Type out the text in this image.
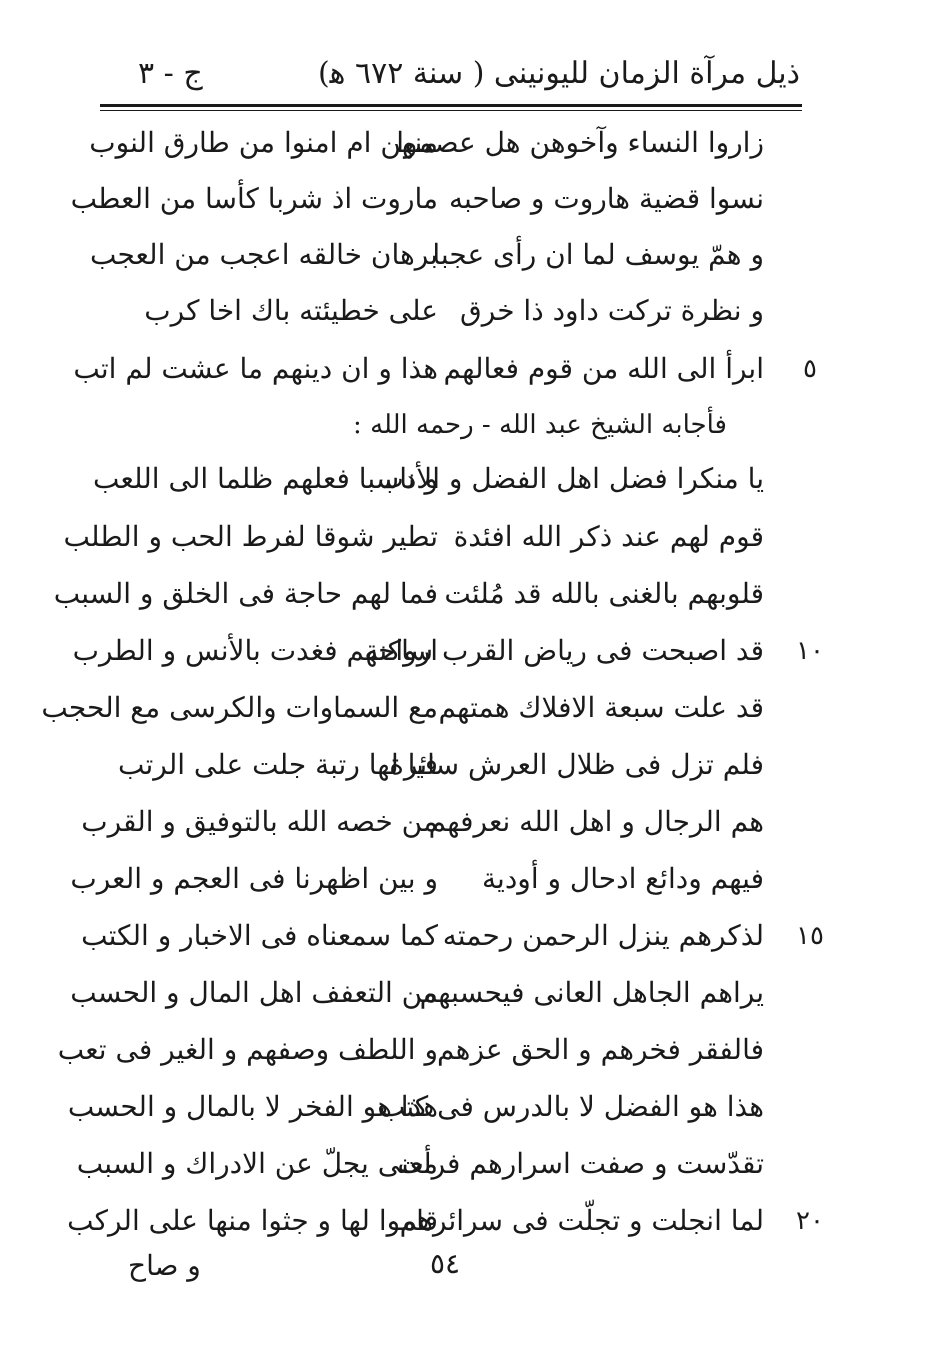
ذيل مرآة الزمان لليونينى ( سنة ٦٧٢ ﻫ)
ج - ٣
زاروا النساء وآخوهن هل عصموا
منهن ام امنوا من طارق النوب
نسوا قضية هاروت و صاحبه
ماروت اذ شربا كأسا من العطب
و همّ يوسف لما ان رأى عجبا
برهان خالقه اعجب من العجب
و نظرة تركت داود ذا خرق
على خطيئته باك اخا كرب
ابرأ الى الله من قوم فعالهم
هذا و ان دينهم ما عشت لم اتب	٥
فأجابه الشيخ عبد الله - رحمه الله :
يا منكرا فضل اهل الفضل و الأدب
و ناسبا فعلهم ظلما الى اللعب
قوم لهم عند ذكر الله افئدة
تطير شوقا لفرط الحب و الطلب
قلوبهم بالغنى بالله قد مُلئت
فما لهم حاجة فى الخلق و السبب
قد اصبحت فى رياض القرب ساكنة
ارواحهم فغدت بالأنس و الطرب	١٠
قد علت سبعة الافلاك همتهم
مع السماوات والكرسى مع الحجب
فلم تزل فى ظلال العرش سائرة
فيا لها رتبة جلت على الرتب
هم الرجال و اهل الله نعرفهم
من خصه الله بالتوفيق و القرب
فيهم ودائع ادحال و أودية
و بين اظهرنا فى العجم و العرب
لذكرهم ينزل الرحمن رحمته
كما سمعناه فى الاخبار و الكتب	١٥
يراهم الجاهل العانى فيحسبهم
من التعفف اهل المال و الحسب
فالفقر فخرهم و الحق عزهم
و اللطف وصفهم و الغير فى تعب
هذا هو الفضل لا بالدرس فى كتب
هذا هو الفخر لا بالمال و الحسب
تقدّست و صفت اسرارهم فرأت
معنى يجلّ عن الادراك و السبب
لما انجلت و تجلّت فى سرائرهم
قاموا لها و جثوا منها على الركب	٢٠
٥٤
و صاح
